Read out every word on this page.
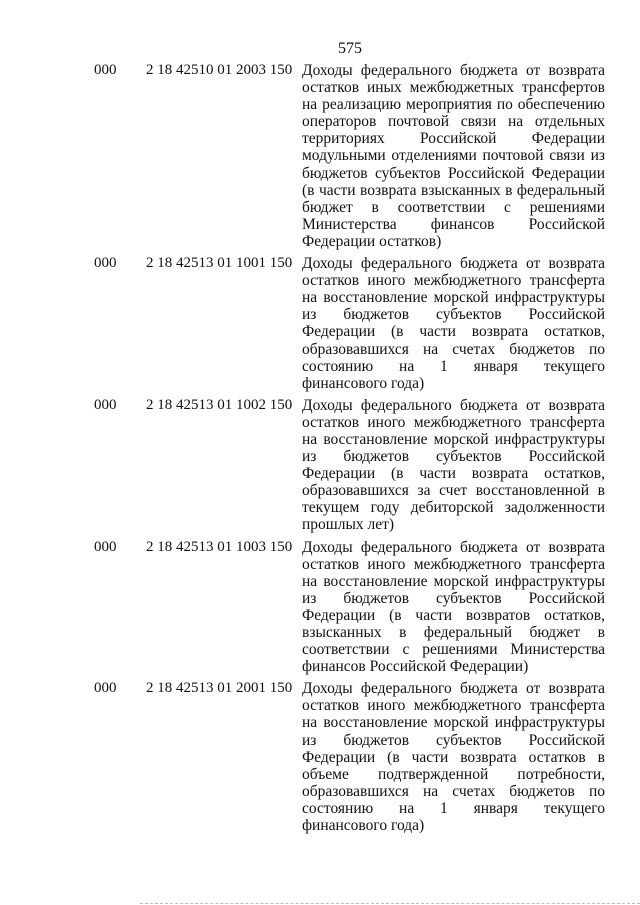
575
000	2 18 42510 01 2003 150 Доходы федерального бюджета от возврата остатков иных межбюджетных трансфертов на реализацию мероприятия по обеспечению операторов почтовой связи на отдельных территориях Российской Федерации модульными отделениями почтовой связи из бюджетов субъектов Российской Федерации (в части возврата взысканных в федеральный бюджет в соответствии с решениями Министерства финансов Российской Федерации остатков)
000	2 18 42513 01 1001 150 Доходы федерального бюджета от возврата остатков иного межбюджетного трансферта на восстановление морской инфраструктуры из бюджетов субъектов Российской Федерации (в части возврата остатков, образовавшихся на счетах бюджетов по состоянию на 1 января текущего финансового года)
000	2 18 42513 01 1002 150 Доходы федерального бюджета от возврата остатков иного межбюджетного трансферта на восстановление морской инфраструктуры из бюджетов субъектов Российской Федерации (в части возврата остатков, образовавшихся за счет восстановленной в текущем году дебиторской задолженности прошлых лет)
000	2 18 42513 01 1003 150 Доходы федерального бюджета от возврата остатков иного межбюджетного трансферта на восстановление морской инфраструктуры из бюджетов субъектов Российской Федерации (в части возвратов остатков, взысканных в федеральный бюджет в соответствии с решениями Министерства финансов Российской Федерации)
000	2 18 42513 01 2001 150 Доходы федерального бюджета от возврата остатков иного межбюджетного трансферта на восстановление морской инфраструктуры из бюджетов субъектов Российской Федерации (в части возврата остатков в объеме подтвержденной потребности, образовавшихся на счетах бюджетов по состоянию на 1 января текущего финансового года)
